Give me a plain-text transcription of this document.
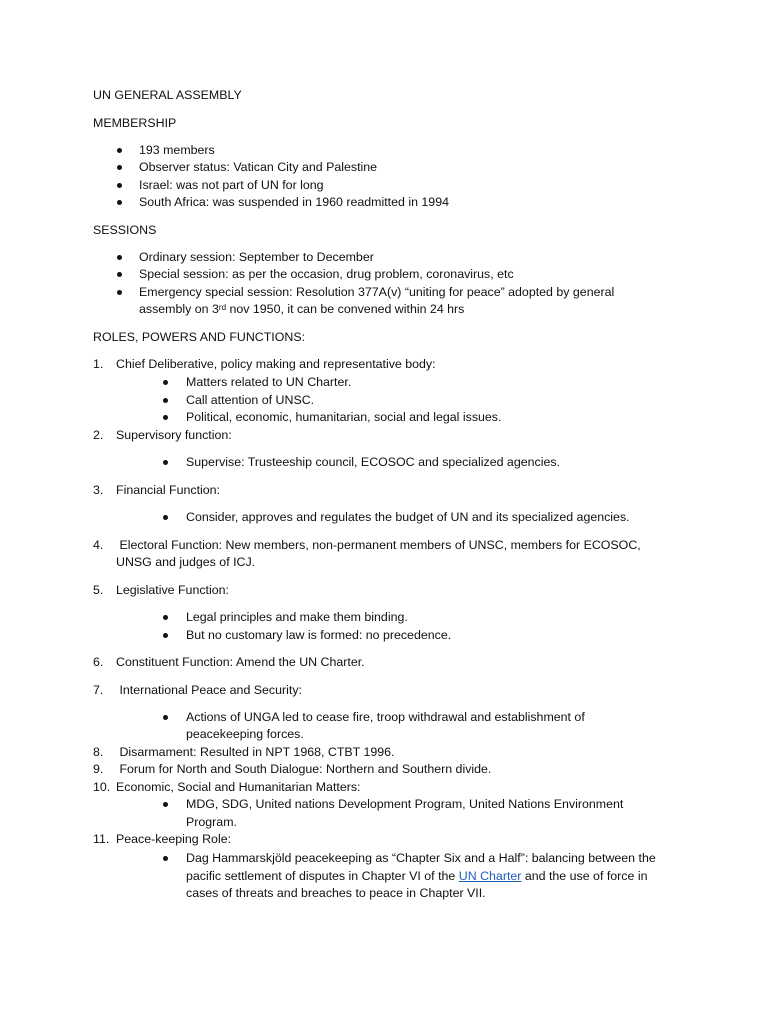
UN GENERAL ASSEMBLY
MEMBERSHIP
193 members
Observer status: Vatican City and Palestine
Israel: was not part of UN for long
South Africa: was suspended in 1960 readmitted in 1994
SESSIONS
Ordinary session: September to December
Special session: as per the occasion, drug problem, coronavirus, etc
Emergency special session: Resolution 377A(v) “uniting for peace” adopted by general
assembly on 3rd nov 1950, it can be convened within 24 hrs
ROLES, POWERS AND FUNCTIONS:
1. Chief Deliberative, policy making and representative body:
Matters related to UN Charter.
Call attention of UNSC.
Political, economic, humanitarian, social and legal issues.
2. Supervisory function:
Supervise: Trusteeship council, ECOSOC and specialized agencies.
3. Financial Function:
Consider, approves and regulates the budget of UN and its specialized agencies.
4. Electoral Function: New members, non-permanent members of UNSC, members for ECOSOC,
UNSG and judges of ICJ.
5. Legislative Function:
Legal principles and make them binding.
But no customary law is formed: no precedence.
6. Constituent Function: Amend the UN Charter.
7. International Peace and Security:
Actions of UNGA led to cease fire, troop withdrawal and establishment of
peacekeeping forces.
8. Disarmament: Resulted in NPT 1968, CTBT 1996.
9. Forum for North and South Dialogue: Northern and Southern divide.
10. Economic, Social and Humanitarian Matters:
MDG, SDG, United nations Development Program, United Nations Environment
Program.
11. Peace-keeping Role:
Dag Hammarskjöld peacekeeping as “Chapter Six and a Half”: balancing between the
pacific settlement of disputes in Chapter VI of the UN Charter and the use of force in
cases of threats and breaches to peace in Chapter VII.
